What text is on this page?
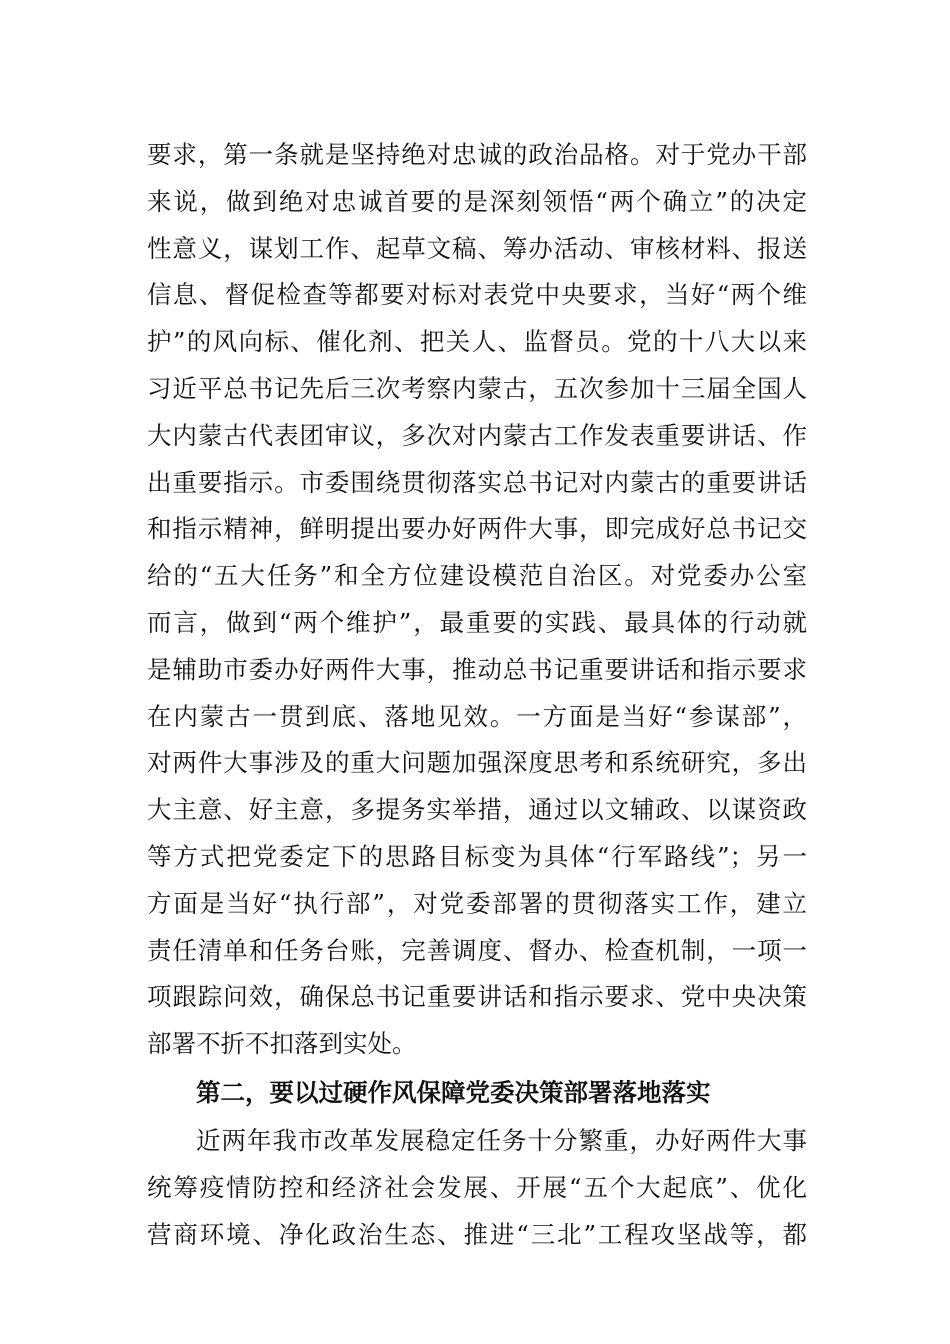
要求，第一条就是坚持绝对忠诚的政治品格。对于党办干部
来说，做到绝对忠诚首要的是深刻领悟“两个确立”的决定
性意义，谋划工作、起草文稿、筹办活动、审核材料、报送
信息、督促检查等都要对标对表党中央要求，当好“两个维
护”的风向标、催化剂、把关人、监督员。党的十八大以来
习近平总书记先后三次考察内蒙古，五次参加十三届全国人
大内蒙古代表团审议，多次对内蒙古工作发表重要讲话、作
出重要指示。市委围绕贯彻落实总书记对内蒙古的重要讲话
和指示精神，鲜明提出要办好两件大事，即完成好总书记交
给的“五大任务”和全方位建设模范自治区。对党委办公室
而言，做到“两个维护”，最重要的实践、最具体的行动就
是辅助市委办好两件大事，推动总书记重要讲话和指示要求
在内蒙古一贯到底、落地见效。一方面是当好“参谋部”，
对两件大事涉及的重大问题加强深度思考和系统研究，多出
大主意、好主意，多提务实举措，通过以文辅政、以谋资政
等方式把党委定下的思路目标变为具体“行军路线”；另一
方面是当好“执行部”，对党委部署的贯彻落实工作，建立
责任清单和任务台账，完善调度、督办、检查机制，一项一
项跟踪问效，确保总书记重要讲话和指示要求、党中央决策
部署不折不扣落到实处。
第二，要以过硬作风保障党委决策部署落地落实
近两年我市改革发展稳定任务十分繁重，办好两件大事
统筹疫情防控和经济社会发展、开展“五个大起底”、优化
营商环境、净化政治生态、推进“三北”工程攻坚战等，都
